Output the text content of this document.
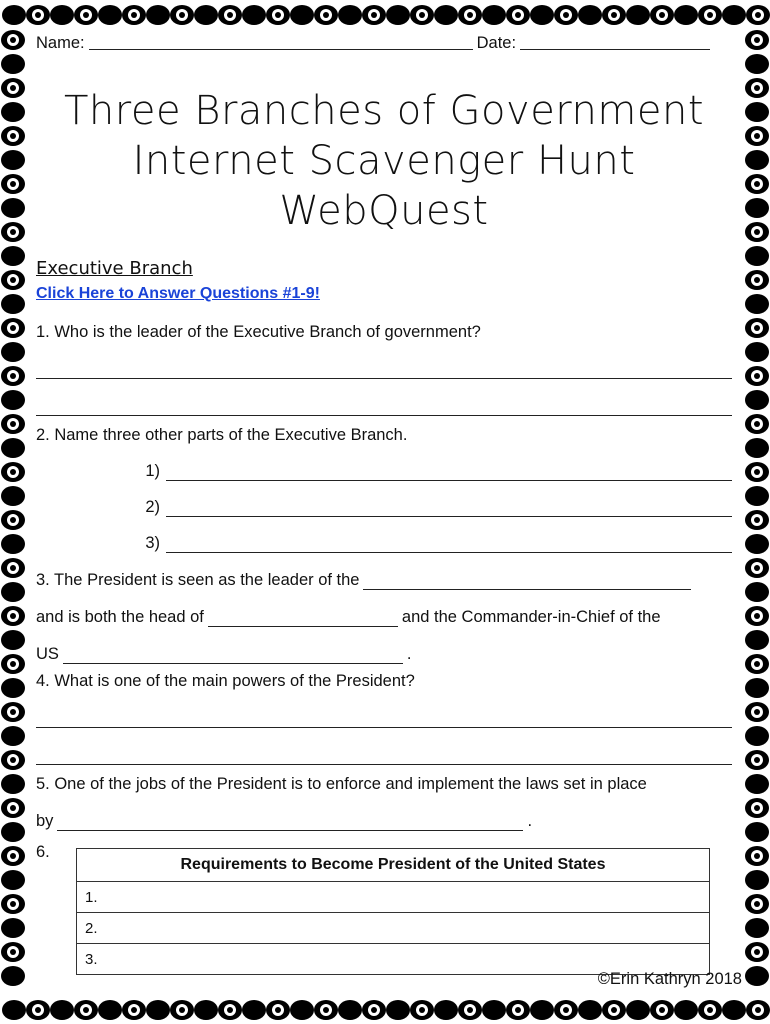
Name:	Date:
Three Branches of Government
Internet Scavenger Hunt WebQuest
Executive Branch
Click Here to Answer Questions #1-9!
1. Who is the leader of the Executive Branch of government?
2. Name three other parts of the Executive Branch.
1)
2)
3)
3. The President is seen as the leader of the
and is both the head of	and the Commander-in-Chief of the
US	.
4. What is one of the main powers of the President?
5. One of the jobs of the President is to enforce and implement the laws set in place
by	.
6.
Requirements to Become President of the United States
1.
2.
3.
©Erin Kathryn 2018
